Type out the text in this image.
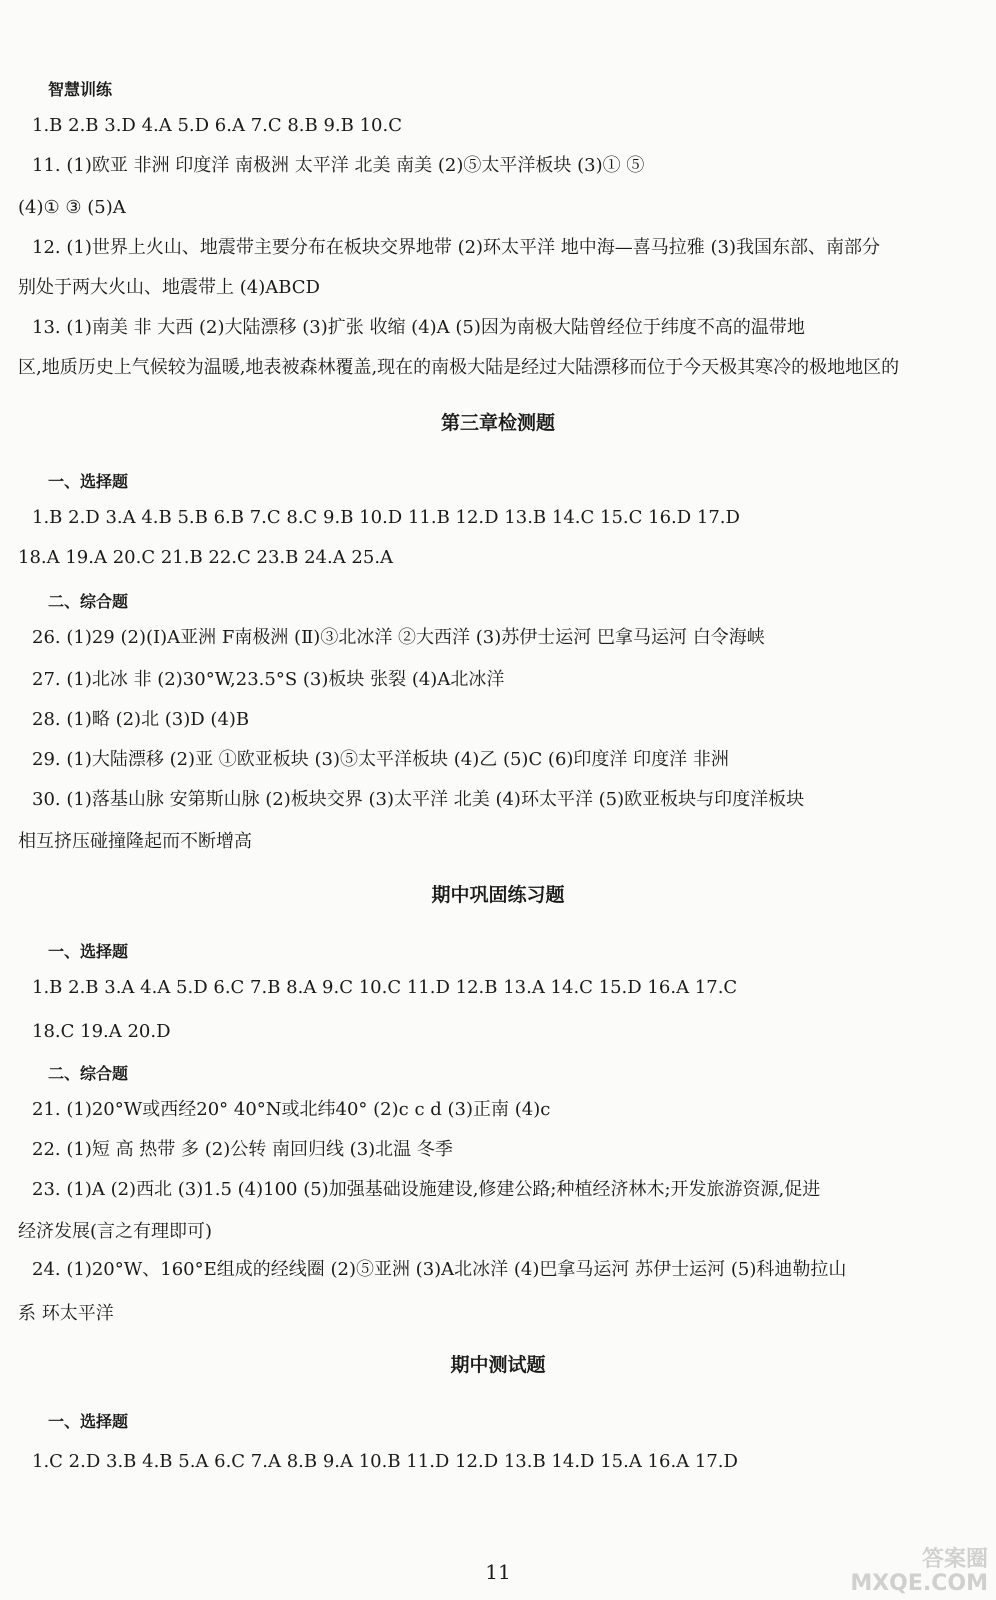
智慧训练
1.B 2.B 3.D 4.A 5.D 6.A 7.C 8.B 9.B 10.C
11. (1)欧亚 非洲 印度洋 南极洲 太平洋 北美 南美 (2)⑤太平洋板块 (3)① ⑤
(4)① ③ (5)A
12. (1)世界上火山、地震带主要分布在板块交界地带 (2)环太平洋 地中海—喜马拉雅 (3)我国东部、南部分
别处于两大火山、地震带上 (4)ABCD
13. (1)南美 非 大西 (2)大陆漂移 (3)扩张 收缩 (4)A (5)因为南极大陆曾经位于纬度不高的温带地
区,地质历史上气候较为温暖,地表被森林覆盖,现在的南极大陆是经过大陆漂移而位于今天极其寒冷的极地地区的
第三章检测题
一、选择题
1.B 2.D 3.A 4.B 5.B 6.B 7.C 8.C 9.B 10.D 11.B 12.D 13.B 14.C 15.C 16.D 17.D
18.A 19.A 20.C 21.B 22.C 23.B 24.A 25.A
二、综合题
26. (1)29 (2)(Ⅰ)A亚洲 F南极洲 (Ⅱ)③北冰洋 ②大西洋 (3)苏伊士运河 巴拿马运河 白令海峡
27. (1)北冰 非 (2)30°W,23.5°S (3)板块 张裂 (4)A北冰洋
28. (1)略 (2)北 (3)D (4)B
29. (1)大陆漂移 (2)亚 ①欧亚板块 (3)⑤太平洋板块 (4)乙 (5)C (6)印度洋 印度洋 非洲
30. (1)落基山脉 安第斯山脉 (2)板块交界 (3)太平洋 北美 (4)环太平洋 (5)欧亚板块与印度洋板块
相互挤压碰撞隆起而不断增高
期中巩固练习题
一、选择题
1.B 2.B 3.A 4.A 5.D 6.C 7.B 8.A 9.C 10.C 11.D 12.B 13.A 14.C 15.D 16.A 17.C
18.C 19.A 20.D
二、综合题
21. (1)20°W或西经20° 40°N或北纬40° (2)c c d (3)正南 (4)c
22. (1)短 高 热带 多 (2)公转 南回归线 (3)北温 冬季
23. (1)A (2)西北 (3)1.5 (4)100 (5)加强基础设施建设,修建公路;种植经济林木;开发旅游资源,促进
经济发展(言之有理即可)
24. (1)20°W、160°E组成的经线圈 (2)⑤亚洲 (3)A北冰洋 (4)巴拿马运河 苏伊士运河 (5)科迪勒拉山
系 环太平洋
期中测试题
一、选择题
1.C 2.D 3.B 4.B 5.A 6.C 7.A 8.B 9.A 10.B 11.D 12.D 13.B 14.D 15.A 16.A 17.D
11	答案圈
MXQE.COM
